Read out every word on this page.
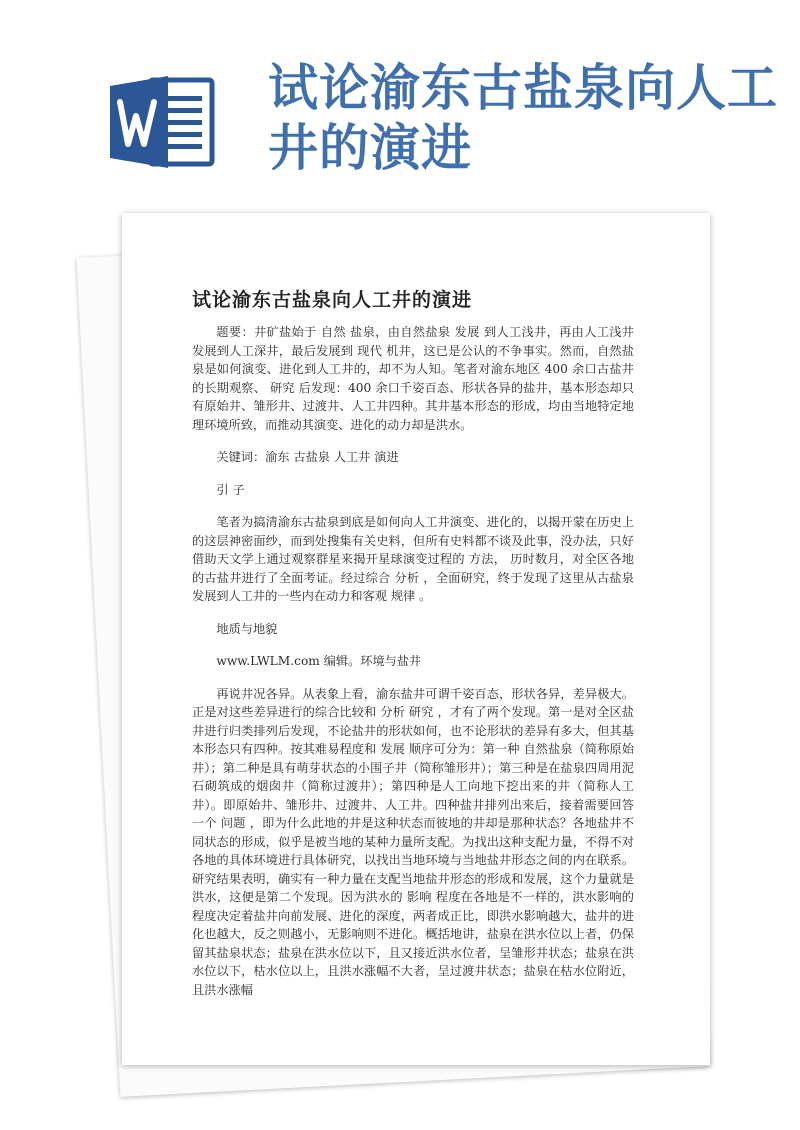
试论渝东古盐泉向人工井的演进
试论渝东古盐泉向人工井的演进

题要：井矿盐始于 自然 盐泉，由自然盐泉 发展 到人工浅井，再由人工浅井发展到人工深井，最后发展到 现代 机井，这已是公认的不争事实。然而，自然盐泉是如何演变、进化到人工井的，却不为人知。笔者对渝东地区 400 余口古盐井的长期观察、 研究 后发现：400 余口千姿百态、形状各异的盐井，基本形态却只有原始井、雏形井、过渡井、人工井四种。其井基本形态的形成，均由当地特定地理环境所致，而推动其演变、进化的动力却是洪水。

关键词：渝东 古盐泉 人工井 演进

引 子

笔者为搞清渝东古盐泉到底是如何向人工井演变、进化的，以揭开蒙在历史上的这层神密面纱，而到处搜集有关史料，但所有史料都不谈及此事，没办法，只好借助天文学上通过观察群星来揭开星球演变过程的 方法， 历时数月，对全区各地的古盐井进行了全面考证。经过综合 分析 ，全面研究，终于发现了这里从古盐泉发展到人工井的一些内在动力和客观 规律 。

地质与地貌

www.LWLM.com 编辑。环境与盐井

再说井况各异。从表象上看，渝东盐井可谓千姿百态，形状各异，差异极大。正是对这些差异进行的综合比较和 分析 研究 ，才有了两个发现。第一是对全区盐井进行归类排列后发现，不论盐井的形状如何，也不论形状的差异有多大，但其基本形态只有四种。按其难易程度和 发展 顺序可分为：第一种 自然盐泉（简称原始井）；第二种是具有萌芽状态的小围子井（简称雏形井）；第三种是在盐泉四周用泥石砌筑成的烟囱井（简称过渡井）；第四种是人工向地下挖出来的井（简称人工井）。即原始井、雏形井、过渡井、人工井。四种盐井排列出来后，接着需要回答一个 问题 ，即为什么此地的井是这种状态而彼地的井却是那种状态？各地盐井不同状态的形成，似乎是被当地的某种力量所支配。为找出这种支配力量，不得不对各地的具体环境进行具体研究，以找出当地环境与当地盐井形态之间的内在联系。研究结果表明，确实有一种力量在支配当地盐井形态的形成和发展，这个力量就是洪水，这便是第二个发现。因为洪水的 影响 程度在各地是不一样的，洪水影响的程度决定着盐井向前发展、进化的深度，两者成正比，即洪水影响越大，盐井的进化也越大，反之则越小，无影响则不进化。概括地讲，盐泉在洪水位以上者，仍保留其盐泉状态；盐泉在洪水位以下，且又接近洪水位者，呈雏形井状态；盐泉在洪水位以下，枯水位以上，且洪水涨幅不大者，呈过渡井状态；盐泉在枯水位附近，且洪水涨幅
